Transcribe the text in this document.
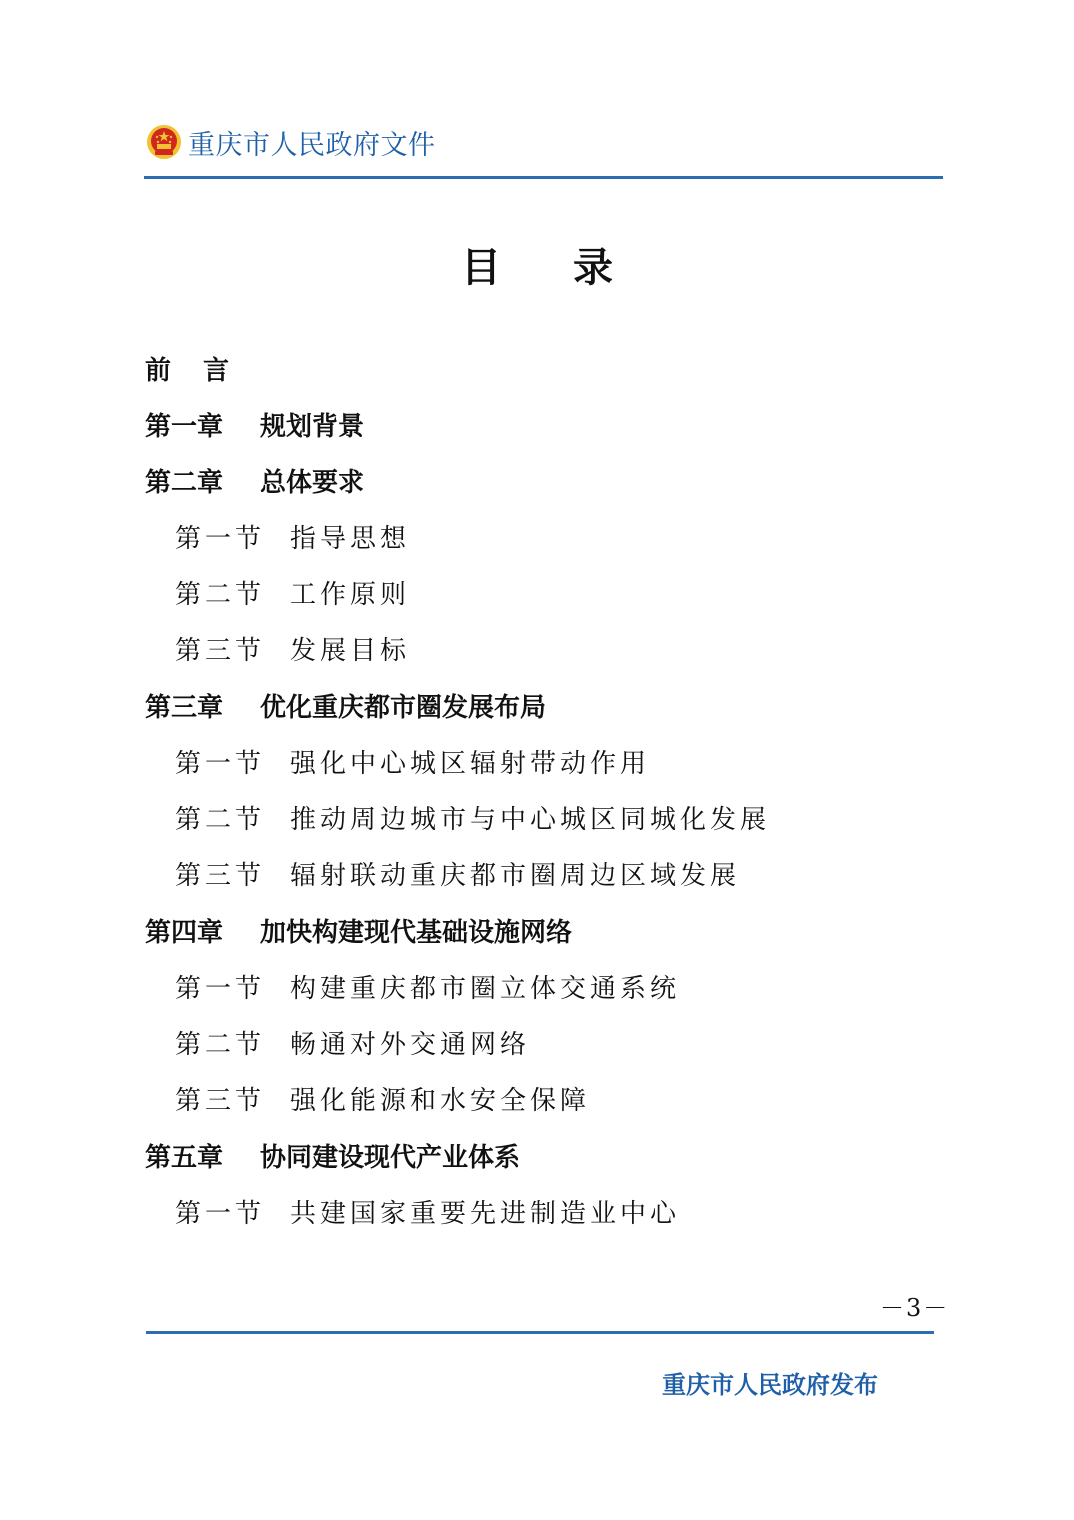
重庆市人民政府文件
目 录
前言
第一章 规划背景
第二章 总体要求
第一节 指导思想
第二节 工作原则
第三节 发展目标
第三章 优化重庆都市圈发展布局
第一节 强化中心城区辐射带动作用
第二节 推动周边城市与中心城区同城化发展
第三节 辐射联动重庆都市圈周边区域发展
第四章 加快构建现代基础设施网络
第一节 构建重庆都市圈立体交通系统
第二节 畅通对外交通网络
第三节 强化能源和水安全保障
第五章 协同建设现代产业体系
第一节 共建国家重要先进制造业中心
－3－
重庆市人民政府发布
